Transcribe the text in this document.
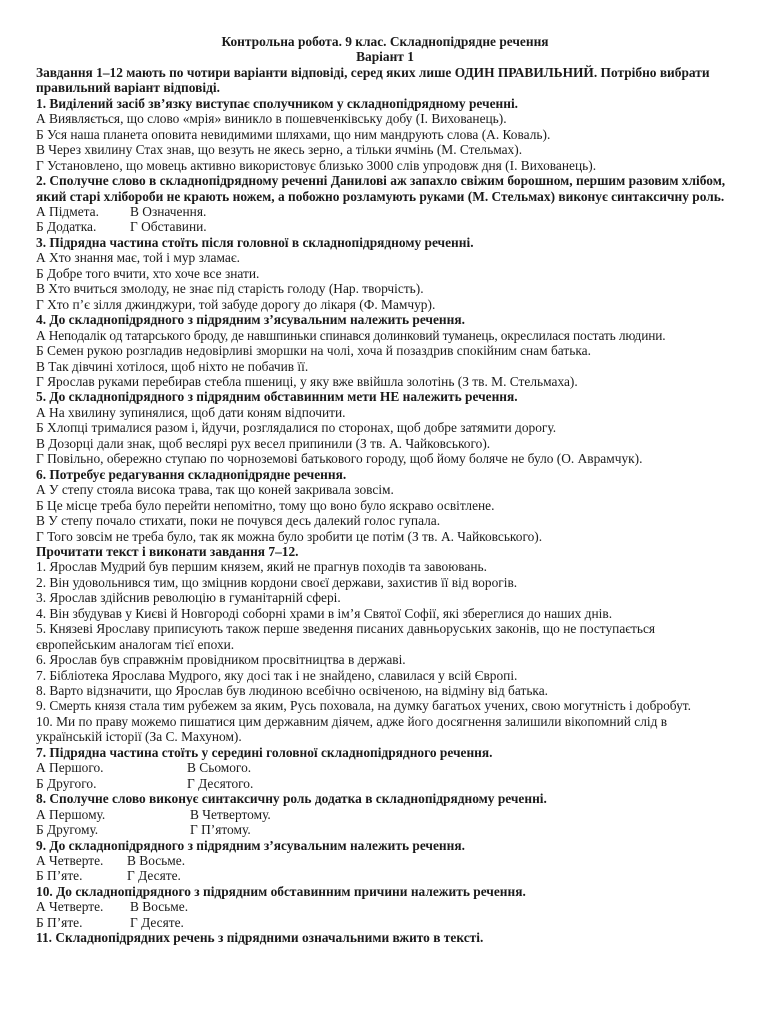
Контрольна робота. 9 клас. Складнопідрядне речення
Варіант 1
Завдання 1–12 мають по чотири варіанти відповіді, серед яких лише ОДИН ПРАВИЛЬНИЙ. Потрібно вибрати правильний варіант відповіді.
1. Виділений засіб зв’язку виступає сполучником у складнопідрядному реченні.
А Виявляється, що слово «мрія» виникло в пошевченківську добу (І. Вихованець).
Б Уся наша планета оповита невидимими шляхами, що ним мандрують слова (А. Коваль).
В Через хвилину Стах знав, що везуть не якесь зерно, а тільки ячмінь (М. Стельмах).
Г Установлено, що мовець активно використовує близько 3000 слів упродовж дня (І. Вихованець).
2. Сполучне слово в складнопідрядному реченні Данилові аж запахло свіжим борошном, першим разовим хлібом, який старі хлібороби не крають ножем, а побожно розламують руками (М. Стельмах) виконує синтаксичну роль.
А Підмета.	В Означення.
Б Додатка.	Г Обставини.
3. Підрядна частина стоїть після головної в складнопідрядному реченні.
А Хто знання має, той і мур зламає.
Б Добре того вчити, хто хоче все знати.
В Хто вчиться змолоду, не знає під старість голоду (Нар. творчість).
Г Хто п’є зілля джинджури, той забуде дорогу до лікаря (Ф. Мамчур).
4. До складнопідрядного з підрядним з’ясувальним належить речення.
А Неподалік од татарського броду, де навшпиньки спинався долинковий туманець, окреслилася постать людини.
Б Семен рукою розгладив недовірливі зморшки на чолі, хоча й позаздрив спокійним снам батька.
В Так дівчині хотілося, щоб ніхто не побачив її.
Г Ярослав руками перебирав стебла пшениці, у яку вже ввійшла золотінь (З тв. М. Стельмаха).
5. До складнопідрядного з підрядним обставинним мети НЕ належить речення.
А На хвилину зупинялися, щоб дати коням відпочити.
Б Хлопці трималися разом і, йдучи, розглядалися по сторонах, щоб добре затямити дорогу.
В Дозорці дали знак, щоб веслярі рух весел припинили (З тв. А. Чайковського).
Г Повільно, обережно ступаю по чорноземові батькового городу, щоб йому боляче не було (О. Аврамчук).
6. Потребує редагування складнопідрядне речення.
А У степу стояла висока трава, так що коней закривала зовсім.
Б Це місце треба було перейти непомітно, тому що воно було яскраво освітлене.
В У степу почало стихати, поки не почувся десь далекий голос гупала.
Г Того зовсім не треба було, так як можна було зробити це потім (З тв. А. Чайковського).
Прочитати текст і виконати завдання 7–12.
1. Ярослав Мудрий був першим князем, який не прагнув походів та завоювань.
2. Він удовольнився тим, що зміцнив кордони своєї держави, захистив її від ворогів.
3. Ярослав здійснив революцію в гуманітарній сфері.
4. Він збудував у Києві й Новгороді соборні храми в ім’я Святої Софії, які збереглися до наших днів.
5. Князеві Ярославу приписують також перше зведення писаних давньоруських законів, що не поступається європейським аналогам тієї епохи.
6. Ярослав був справжнім провідником просвітництва в державі.
7. Бібліотека Ярослава Мудрого, яку досі так і не знайдено, славилася у всій Європі.
8. Варто відзначити, що Ярослав був людиною всебічно освіченою, на відміну від батька.
9. Смерть князя стала тим рубежем за яким, Русь поховала, на думку багатьох учених, свою могутність і добробут.
10. Ми по праву можемо пишатися цим державним діячем, адже його досягнення залишили вікопомний слід в українській історії (За С. Махуном).
7. Підрядна частина стоїть у середині головної складнопідрядного речення.
А Першого.	В Сьомого.
Б Другого.	Г Десятого.
8. Сполучне слово виконує синтаксичну роль додатка в складнопідрядному реченні.
А Першому.	В Четвертому.
Б Другому.	Г П’ятому.
9. До складнопідрядного з підрядним з’ясувальним належить речення.
А Четверте.	В Восьме.
Б П’яте.	Г Десяте.
10. До складнопідрядного з підрядним обставинним причини належить речення.
А Четверте.	В Восьме.
Б П’яте.	Г Десяте.
11. Складнопідрядних речень з підрядними означальними вжито в тексті.
